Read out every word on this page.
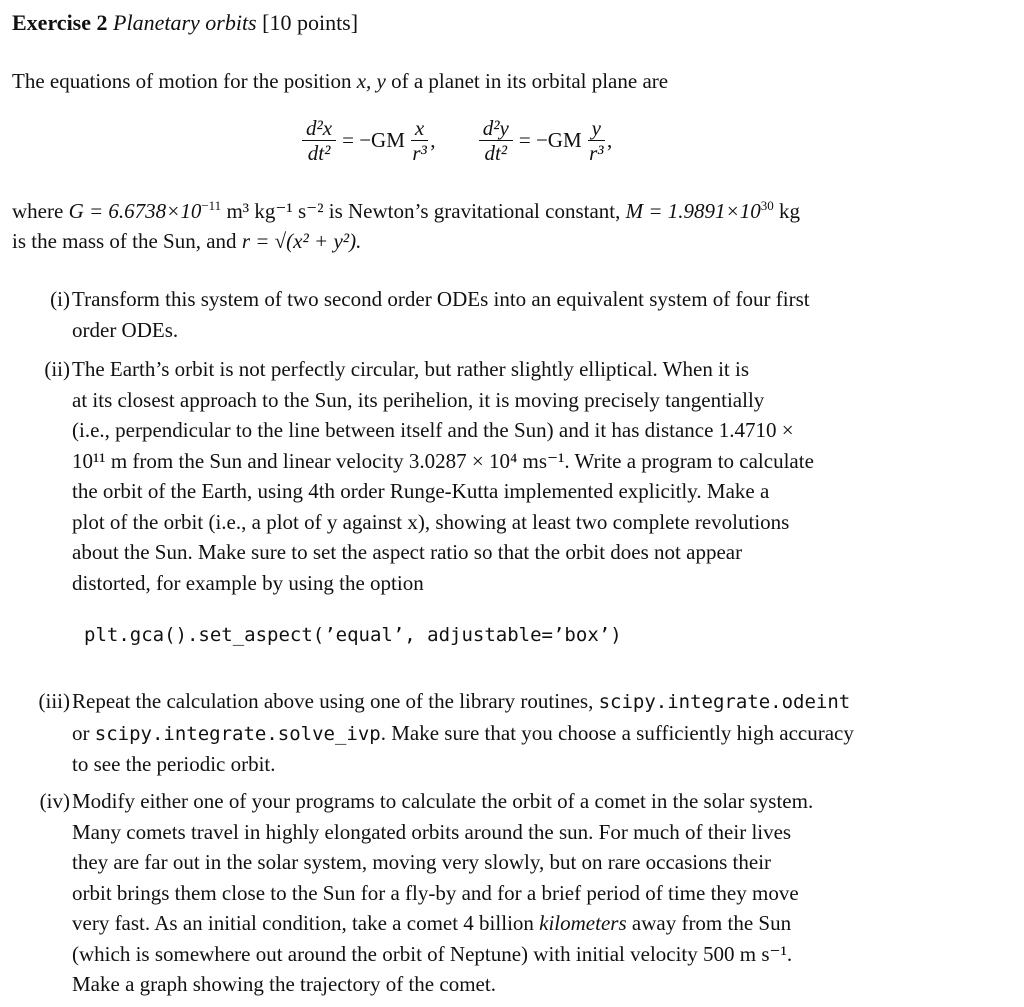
Exercise 2 Planetary orbits [10 points]
The equations of motion for the position x, y of a planet in its orbital plane are
$\frac{\text{d²x}}{\text{dt²}} = -GM \frac{x}{\text{r³}}$ ,
$\frac{\text{d²y}}{\text{dt²}} = -GM \frac{y}{\text{r³}}$ ,
where $G = 6.6738\times 10^{-11}$ m³ kg⁻¹ s⁻² is Newton’s gravitational constant, $M = 1.9891\times 10^{30}$ kg
is the mass of the Sun, and r = √(x² + y²).
(i) Transform this system of two second order ODEs into an equivalent system of four first
order ODEs.
(ii) The Earth’s orbit is not perfectly circular, but rather slightly elliptical. When it is
at its closest approach to the Sun, its perihelion, it is moving precisely tangentially
(i.e., perpendicular to the line between itself and the Sun) and it has distance 1.4710 ×
10¹¹ m from the Sun and linear velocity 3.0287 × 10⁴ ms⁻¹. Write a program to calculate
the orbit of the Earth, using 4th order Runge-Kutta implemented explicitly. Make a
plot of the orbit (i.e., a plot of y against x), showing at least two complete revolutions
about the Sun. Make sure to set the aspect ratio so that the orbit does not appear
distorted, for example by using the option
plt.gca().set_aspect(’equal’, adjustable=’box’)
(iii) Repeat the calculation above using one of the library routines, scipy.integrate.odeint
or scipy.integrate.solve_ivp. Make sure that you choose a sufficiently high accuracy
to see the periodic orbit.
(iv) Modify either one of your programs to calculate the orbit of a comet in the solar system.
Many comets travel in highly elongated orbits around the sun. For much of their lives
they are far out in the solar system, moving very slowly, but on rare occasions their
orbit brings them close to the Sun for a fly-by and for a brief period of time they move
very fast. As an initial condition, take a comet 4 billion kilometers away from the Sun
(which is somewhere out around the orbit of Neptune) with initial velocity 500 m s⁻¹.
Make a graph showing the trajectory of the comet.
